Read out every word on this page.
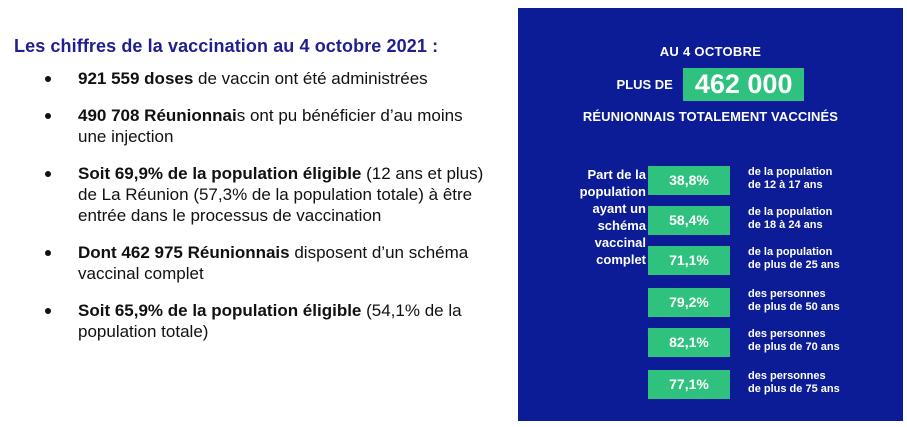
Les chiffres de la vaccination au 4 octobre 2021 :
921 559 doses de vaccin ont été administrées
490 708 Réunionnais ont pu bénéficier d’au moins une injection
Soit 69,9% de la population éligible (12 ans et plus) de La Réunion (57,3% de la population totale) à être entrée dans le processus de vaccination
Dont 462 975 Réunionnais disposent d’un schéma vaccinal complet
Soit 65,9% de la population éligible (54,1% de la population totale)
AU 4 OCTOBRE
PLUS DE 462 000
RÉUNIONNAIS TOTALEMENT VACCINÉS
Part de la
population
ayant un
schéma
vaccinal
complet
38,8%	de la population
de 12 à 17 ans
58,4%	de la population
de 18 à 24 ans
71,1%	de la population
de plus de 25 ans
79,2%	des personnes
de plus de 50 ans
82,1%	des personnes
de plus de 70 ans
77,1%	des personnes
de plus de 75 ans
